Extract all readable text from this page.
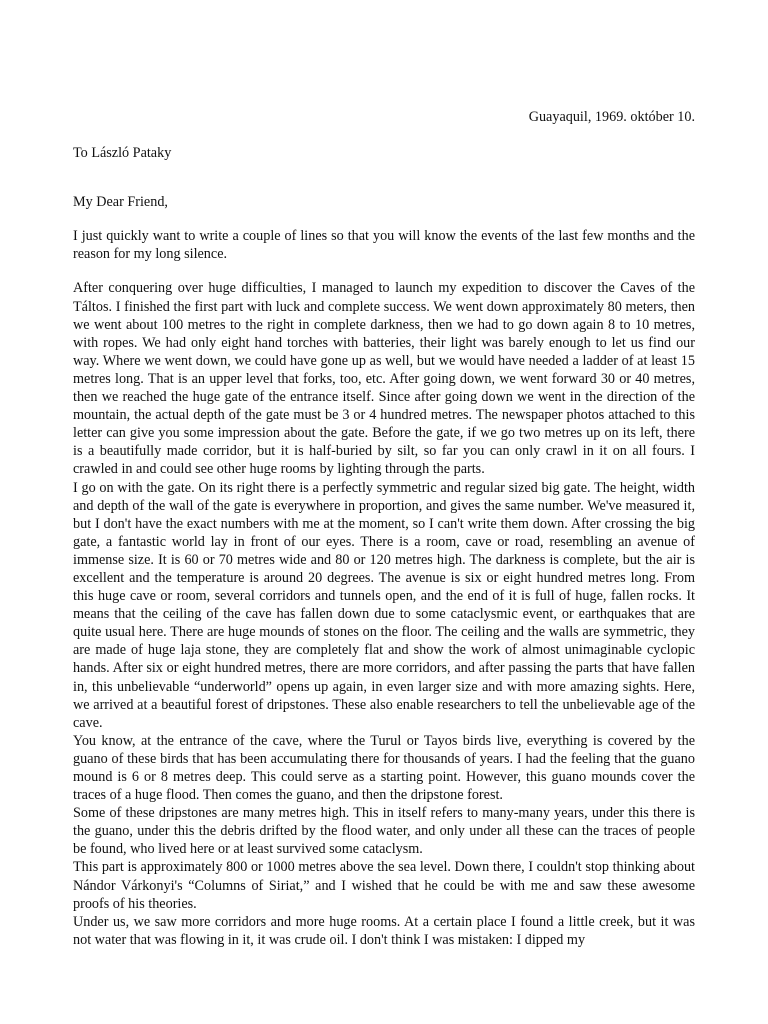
Guayaquil, 1969. október 10.

To László Pataky

My Dear Friend,

I just quickly want to write a couple of lines so that you will know the events of the last few months and the reason for my long silence.

After conquering over huge difficulties, I managed to launch my expedition to discover the Caves of the Táltos. I finished the first part with luck and complete success. We went down approximately 80 meters, then we went about 100 metres to the right in complete darkness, then we had to go down again 8 to 10 metres, with ropes. We had only eight hand torches with batteries, their light was barely enough to let us find our way. Where we went down, we could have gone up as well, but we would have needed a ladder of at least 15 metres long. That is an upper level that forks, too, etc. After going down, we went forward 30 or 40 metres, then we reached the huge gate of the entrance itself. Since after going down we went in the direction of the mountain, the actual depth of the gate must be 3 or 4 hundred metres. The newspaper photos attached to this letter can give you some impression about the gate. Before the gate, if we go two metres up on its left, there is a beautifully made corridor, but it is half-buried by silt, so far you can only crawl in it on all fours. I crawled in and could see other huge rooms by lighting through the parts.

I go on with the gate. On its right there is a perfectly symmetric and regular sized big gate. The height, width and depth of the wall of the gate is everywhere in proportion, and gives the same number. We've measured it, but I don't have the exact numbers with me at the moment, so I can't write them down. After crossing the big gate, a fantastic world lay in front of our eyes. There is a room, cave or road, resembling an avenue of immense size. It is 60 or 70 metres wide and 80 or 120 metres high. The darkness is complete, but the air is excellent and the temperature is around 20 degrees. The avenue is six or eight hundred metres long. From this huge cave or room, several corridors and tunnels open, and the end of it is full of huge, fallen rocks. It means that the ceiling of the cave has fallen down due to some cataclysmic event, or earthquakes that are quite usual here. There are huge mounds of stones on the floor. The ceiling and the walls are symmetric, they are made of huge laja stone, they are completely flat and show the work of almost unimaginable cyclopic hands. After six or eight hundred metres, there are more corridors, and after passing the parts that have fallen in, this unbelievable “underworld” opens up again, in even larger size and with more amazing sights. Here, we arrived at a beautiful forest of dripstones. These also enable researchers to tell the unbelievable age of the cave.

You know, at the entrance of the cave, where the Turul or Tayos birds live, everything is covered by the guano of these birds that has been accumulating there for thousands of years. I had the feeling that the guano mound is 6 or 8 metres deep. This could serve as a starting point. However, this guano mounds cover the traces of a huge flood. Then comes the guano, and then the dripstone forest.

Some of these dripstones are many metres high. This in itself refers to many-many years, under this there is the guano, under this the debris drifted by the flood water, and only under all these can the traces of people be found, who lived here or at least survived some cataclysm.

This part is approximately 800 or 1000 metres above the sea level. Down there, I couldn't stop thinking about Nándor Várkonyi's “Columns of Siriat,” and I wished that he could be with me and saw these awesome proofs of his theories.

Under us, we saw more corridors and more huge rooms. At a certain place I found a little creek, but it was not water that was flowing in it, it was crude oil. I don't think I was mistaken: I dipped my
